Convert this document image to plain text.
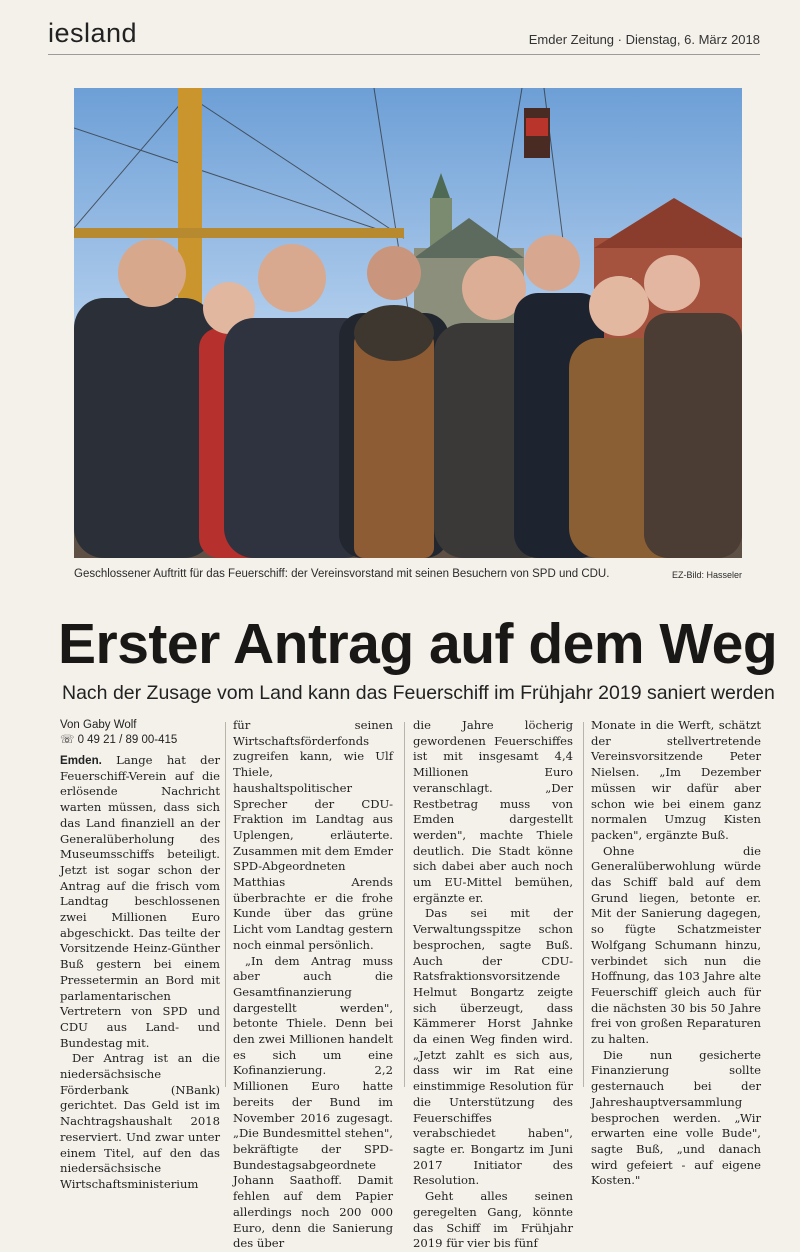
iesland	Emder Zeitung · Dienstag, 6. März 2018
Geschlossener Auftritt für das Feuerschiff: der Vereinsvorstand mit seinen Besuchern von SPD und CDU.	EZ-Bild: Hasseler
Erster Antrag auf dem Weg
Nach der Zusage vom Land kann das Feuerschiff im Frühjahr 2019 saniert werden
Von Gaby Wolf
☏ 0 49 21 / 89 00-415

Emden. Lange hat der Feuerschiff-Verein auf die erlösende Nachricht warten müssen, dass sich das Land finanziell an der Generalüberholung des Museumsschiffs beteiligt. Jetzt ist sogar schon der Antrag auf die frisch vom Landtag beschlossenen zwei Millionen Euro abgeschickt. Das teilte der Vorsitzende Heinz-Günther Buß gestern bei einem Pressetermin an Bord mit parlamentarischen Vertretern von SPD und CDU aus Land- und Bundestag mit.

Der Antrag ist an die niedersächsische Förderbank (NBank) gerichtet. Das Geld ist im Nachtragshaushalt 2018 reserviert. Und zwar unter einem Titel, auf den das niedersächsische Wirtschaftsministerium

für seinen Wirtschaftsförderfonds zugreifen kann, wie Ulf Thiele, haushaltspolitischer Sprecher der CDU-Fraktion im Landtag aus Uplengen, erläuterte. Zusammen mit dem Emder SPD-Abgeordneten Matthias Arends überbrachte er die frohe Kunde über das grüne Licht vom Landtag gestern noch einmal persönlich.

„In dem Antrag muss aber auch die Gesamtfinanzierung dargestellt werden", betonte Thiele. Denn bei den zwei Millionen handelt es sich um eine Kofinanzierung. 2,2 Millionen Euro hatte bereits der Bund im November 2016 zugesagt. „Die Bundesmittel stehen", bekräftigte der SPD-Bundestagsabgeordnete Johann Saathoff. Damit fehlen auf dem Papier allerdings noch 200 000 Euro, denn die Sanierung des über

die Jahre löcherig gewordenen Feuerschiffes ist mit insgesamt 4,4 Millionen Euro veranschlagt. „Der Restbetrag muss von Emden dargestellt werden", machte Thiele deutlich. Die Stadt könne sich dabei aber auch noch um EU-Mittel bemühen, ergänzte er.

Das sei mit der Verwaltungsspitze schon besprochen, sagte Buß. Auch der CDU-Ratsfraktionsvorsitzende Helmut Bongartz zeigte sich überzeugt, dass Kämmerer Horst Jahnke da einen Weg finden wird. „Jetzt zahlt es sich aus, dass wir im Rat eine einstimmige Resolution für die Unterstützung des Feuerschiffes verabschiedet haben", sagte er. Bongartz im Juni 2017 Initiator des Resolution.

Geht alles seinen geregelten Gang, könnte das Schiff im Frühjahr 2019 für vier bis fünf

Monate in die Werft, schätzt der stellvertretende Vereinsvorsitzende Peter Nielsen. „Im Dezember müssen wir dafür aber schon wie bei einem ganz normalen Umzug Kisten packen", ergänzte Buß.

Ohne die Generalüberwohlung würde das Schiff bald auf dem Grund liegen, betonte er. Mit der Sanierung dagegen, so fügte Schatzmeister Wolfgang Schumann hinzu, verbindet sich nun die Hoffnung, das 103 Jahre alte Feuerschiff gleich auch für die nächsten 30 bis 50 Jahre frei von großen Reparaturen zu halten.

Die nun gesicherte Finanzierung sollte gesternauch bei der Jahreshauptversammlung besprochen werden. „Wir erwarten eine volle Bude", sagte Buß, „und danach wird gefeiert - auf eigene Kosten."
